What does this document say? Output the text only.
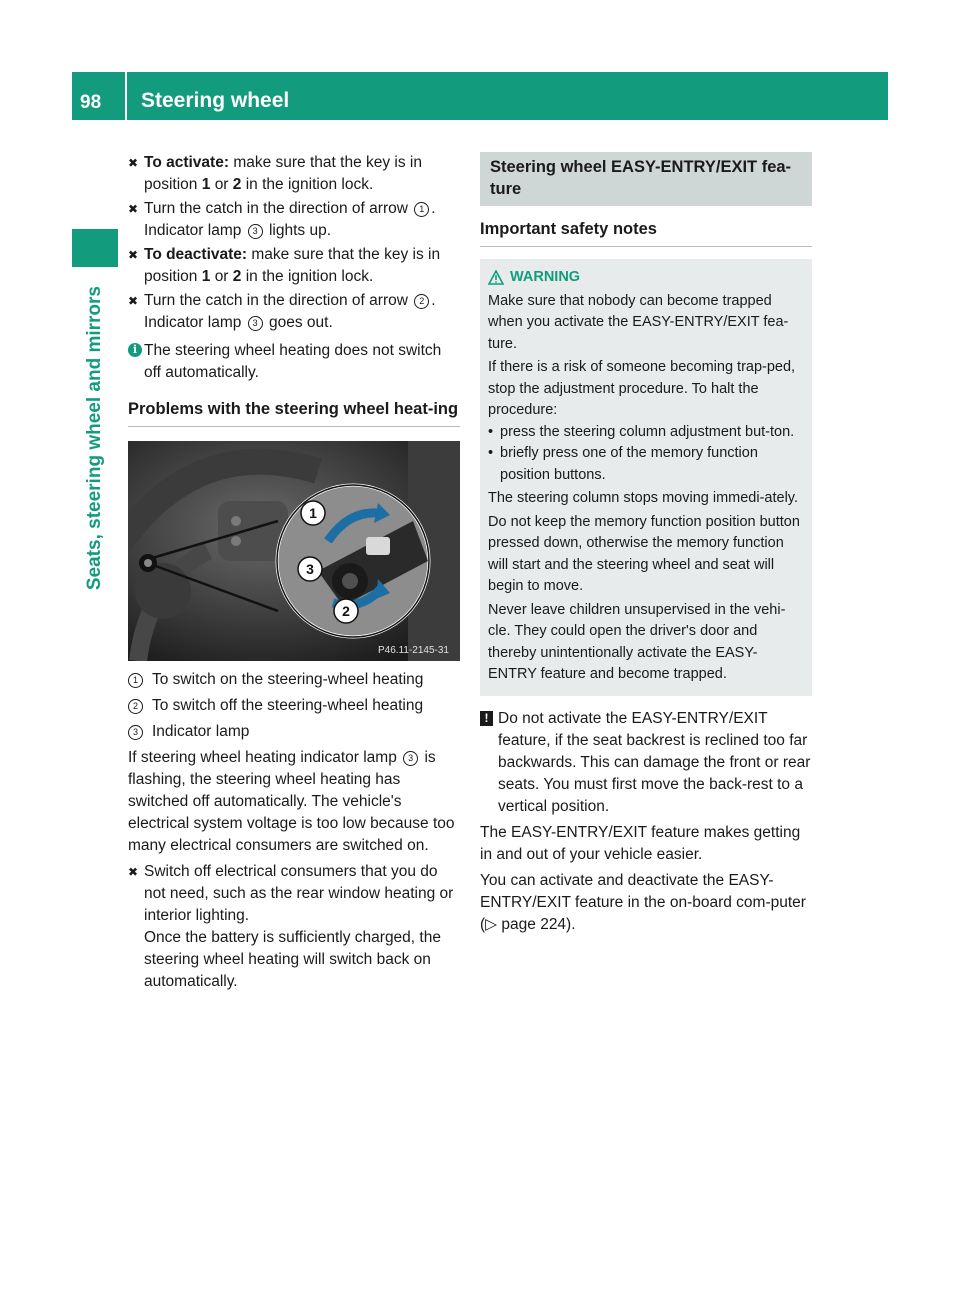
98 Steering wheel
Seats, steering wheel and mirrors
✖ To activate: make sure that the key is in position 1 or 2 in the ignition lock.
✖ Turn the catch in the direction of arrow 1 .
Indicator lamp 3 lights up.
✖ To deactivate: make sure that the key is in position 1 or 2 in the ignition lock.
✖ Turn the catch in the direction of arrow 2 .
Indicator lamp 3 goes out.
i The steering wheel heating does not switch off automatically.
Problems with the steering wheel heat-ing
1
3
2
P46.11-2145-31
1 To switch on the steering-wheel heating
2 To switch off the steering-wheel heating
3 Indicator lamp

If steering wheel heating indicator lamp 3 is flashing, the steering wheel heating has switched off automatically. The vehicle's electrical system voltage is too low because too many electrical consumers are switched on.

✖ Switch off electrical consumers that you do not need, such as the rear window heating or interior lighting.
Once the battery is sufficiently charged, the steering wheel heating will switch back on automatically.
Steering wheel EASY-ENTRY/EXIT fea-ture
Important safety notes
WARNING

Make sure that nobody can become trapped when you activate the EASY-ENTRY/EXIT fea-ture.

If there is a risk of someone becoming trap-ped, stop the adjustment procedure. To halt the procedure:

• press the steering column adjustment but-ton.
• briefly press one of the memory function position buttons.

The steering column stops moving immedi-ately.

Do not keep the memory function position button pressed down, otherwise the memory function will start and the steering wheel and seat will begin to move.

Never leave children unsupervised in the vehi-cle. They could open the driver's door and thereby unintentionally activate the EASY-ENTRY feature and become trapped.

! Do not activate the EASY-ENTRY/EXIT feature, if the seat backrest is reclined too far backwards. This can damage the front or rear seats. You must first move the back-rest to a vertical position.

The EASY-ENTRY/EXIT feature makes getting in and out of your vehicle easier.

You can activate and deactivate the EASY-ENTRY/EXIT feature in the on-board com-puter (▷ page 224).
